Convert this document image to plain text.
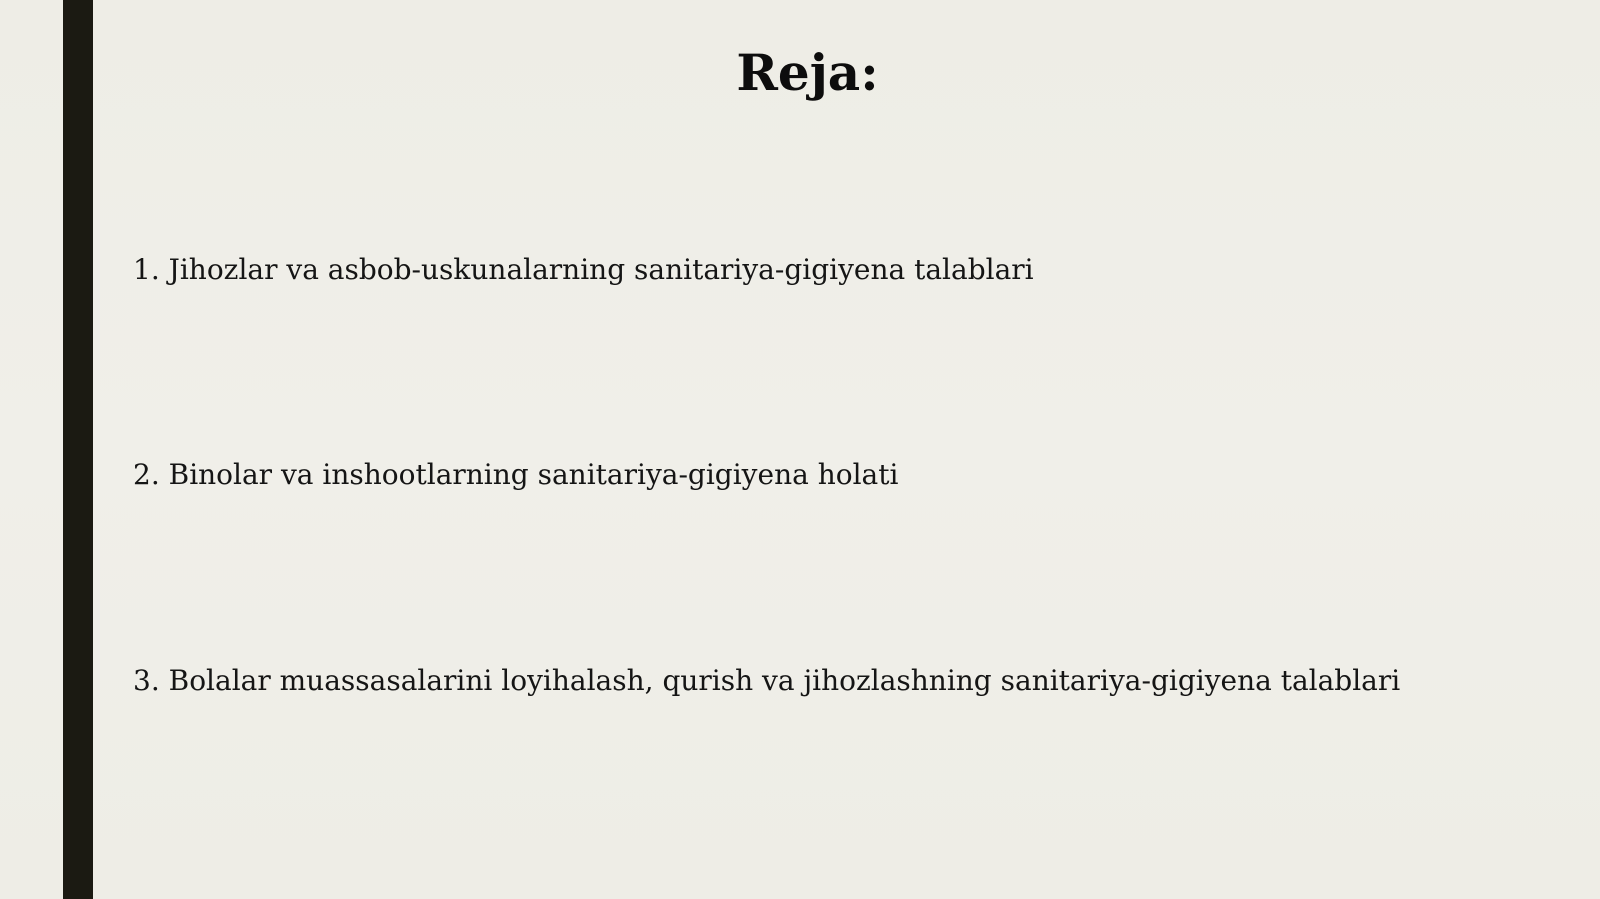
Reja:

1. Jihozlar va asbob-uskunalarning sanitariya-gigiyena talablari

2. Binolar va inshootlarning sanitariya-gigiyena holati

3. Bolalar muassasalarini loyihalash, qurish va jihozlashning sanitariya-gigiyena talablari
